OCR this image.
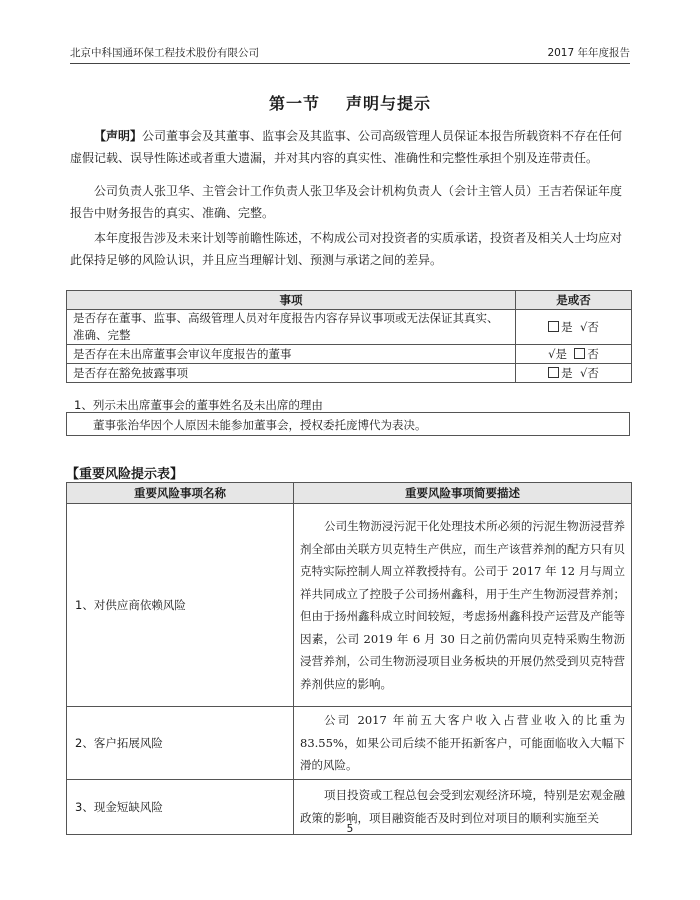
北京中科国通环保工程技术股份有限公司	2017 年年度报告
第一节 声明与提示
【声明】公司董事会及其董事、监事会及其监事、公司高级管理人员保证本报告所载资料不存在任何虚假记载、误导性陈述或者重大遗漏，并对其内容的真实性、准确性和完整性承担个别及连带责任。
公司负责人张卫华、主管会计工作负责人张卫华及会计机构负责人（会计主管人员）王吉若保证年度报告中财务报告的真实、准确、完整。
本年度报告涉及未来计划等前瞻性陈述，不构成公司对投资者的实质承诺，投资者及相关人士均应对此保持足够的风险认识，并且应当理解计划、预测与承诺之间的差异。
事项	是或否
是否存在董事、监事、高级管理人员对年度报告内容存异议事项或无法保证其真实、准确、完整	是 √否
是否存在未出席董事会审议年度报告的董事	√是 否
是否存在豁免披露事项	是 √否
1、列示未出席董事会的董事姓名及未出席的理由
董事张治华因个人原因未能参加董事会，授权委托庞博代为表决。
【重要风险提示表】
重要风险事项名称	重要风险事项简要描述
1、对供应商依赖风险	公司生物沥浸污泥干化处理技术所必须的污泥生物沥浸营养剂全部由关联方贝克特生产供应，而生产该营养剂的配方只有贝克特实际控制人周立祥教授持有。公司于 2017 年 12 月与周立祥共同成立了控股子公司扬州鑫科，用于生产生物沥浸营养剂；但由于扬州鑫科成立时间较短，考虑扬州鑫科投产运营及产能等因素，公司 2019 年 6 月 30 日之前仍需向贝克特采购生物沥浸营养剂，公司生物沥浸项目业务板块的开展仍然受到贝克特营养剂供应的影响。
2、客户拓展风险	公司 2017 年前五大客户收入占营业收入的比重为 83.55%，如果公司后续不能开拓新客户，可能面临收入大幅下滑的风险。
3、现金短缺风险	项目投资或工程总包会受到宏观经济环境，特别是宏观金融政策的影响，项目融资能否及时到位对项目的顺利实施至关
5
